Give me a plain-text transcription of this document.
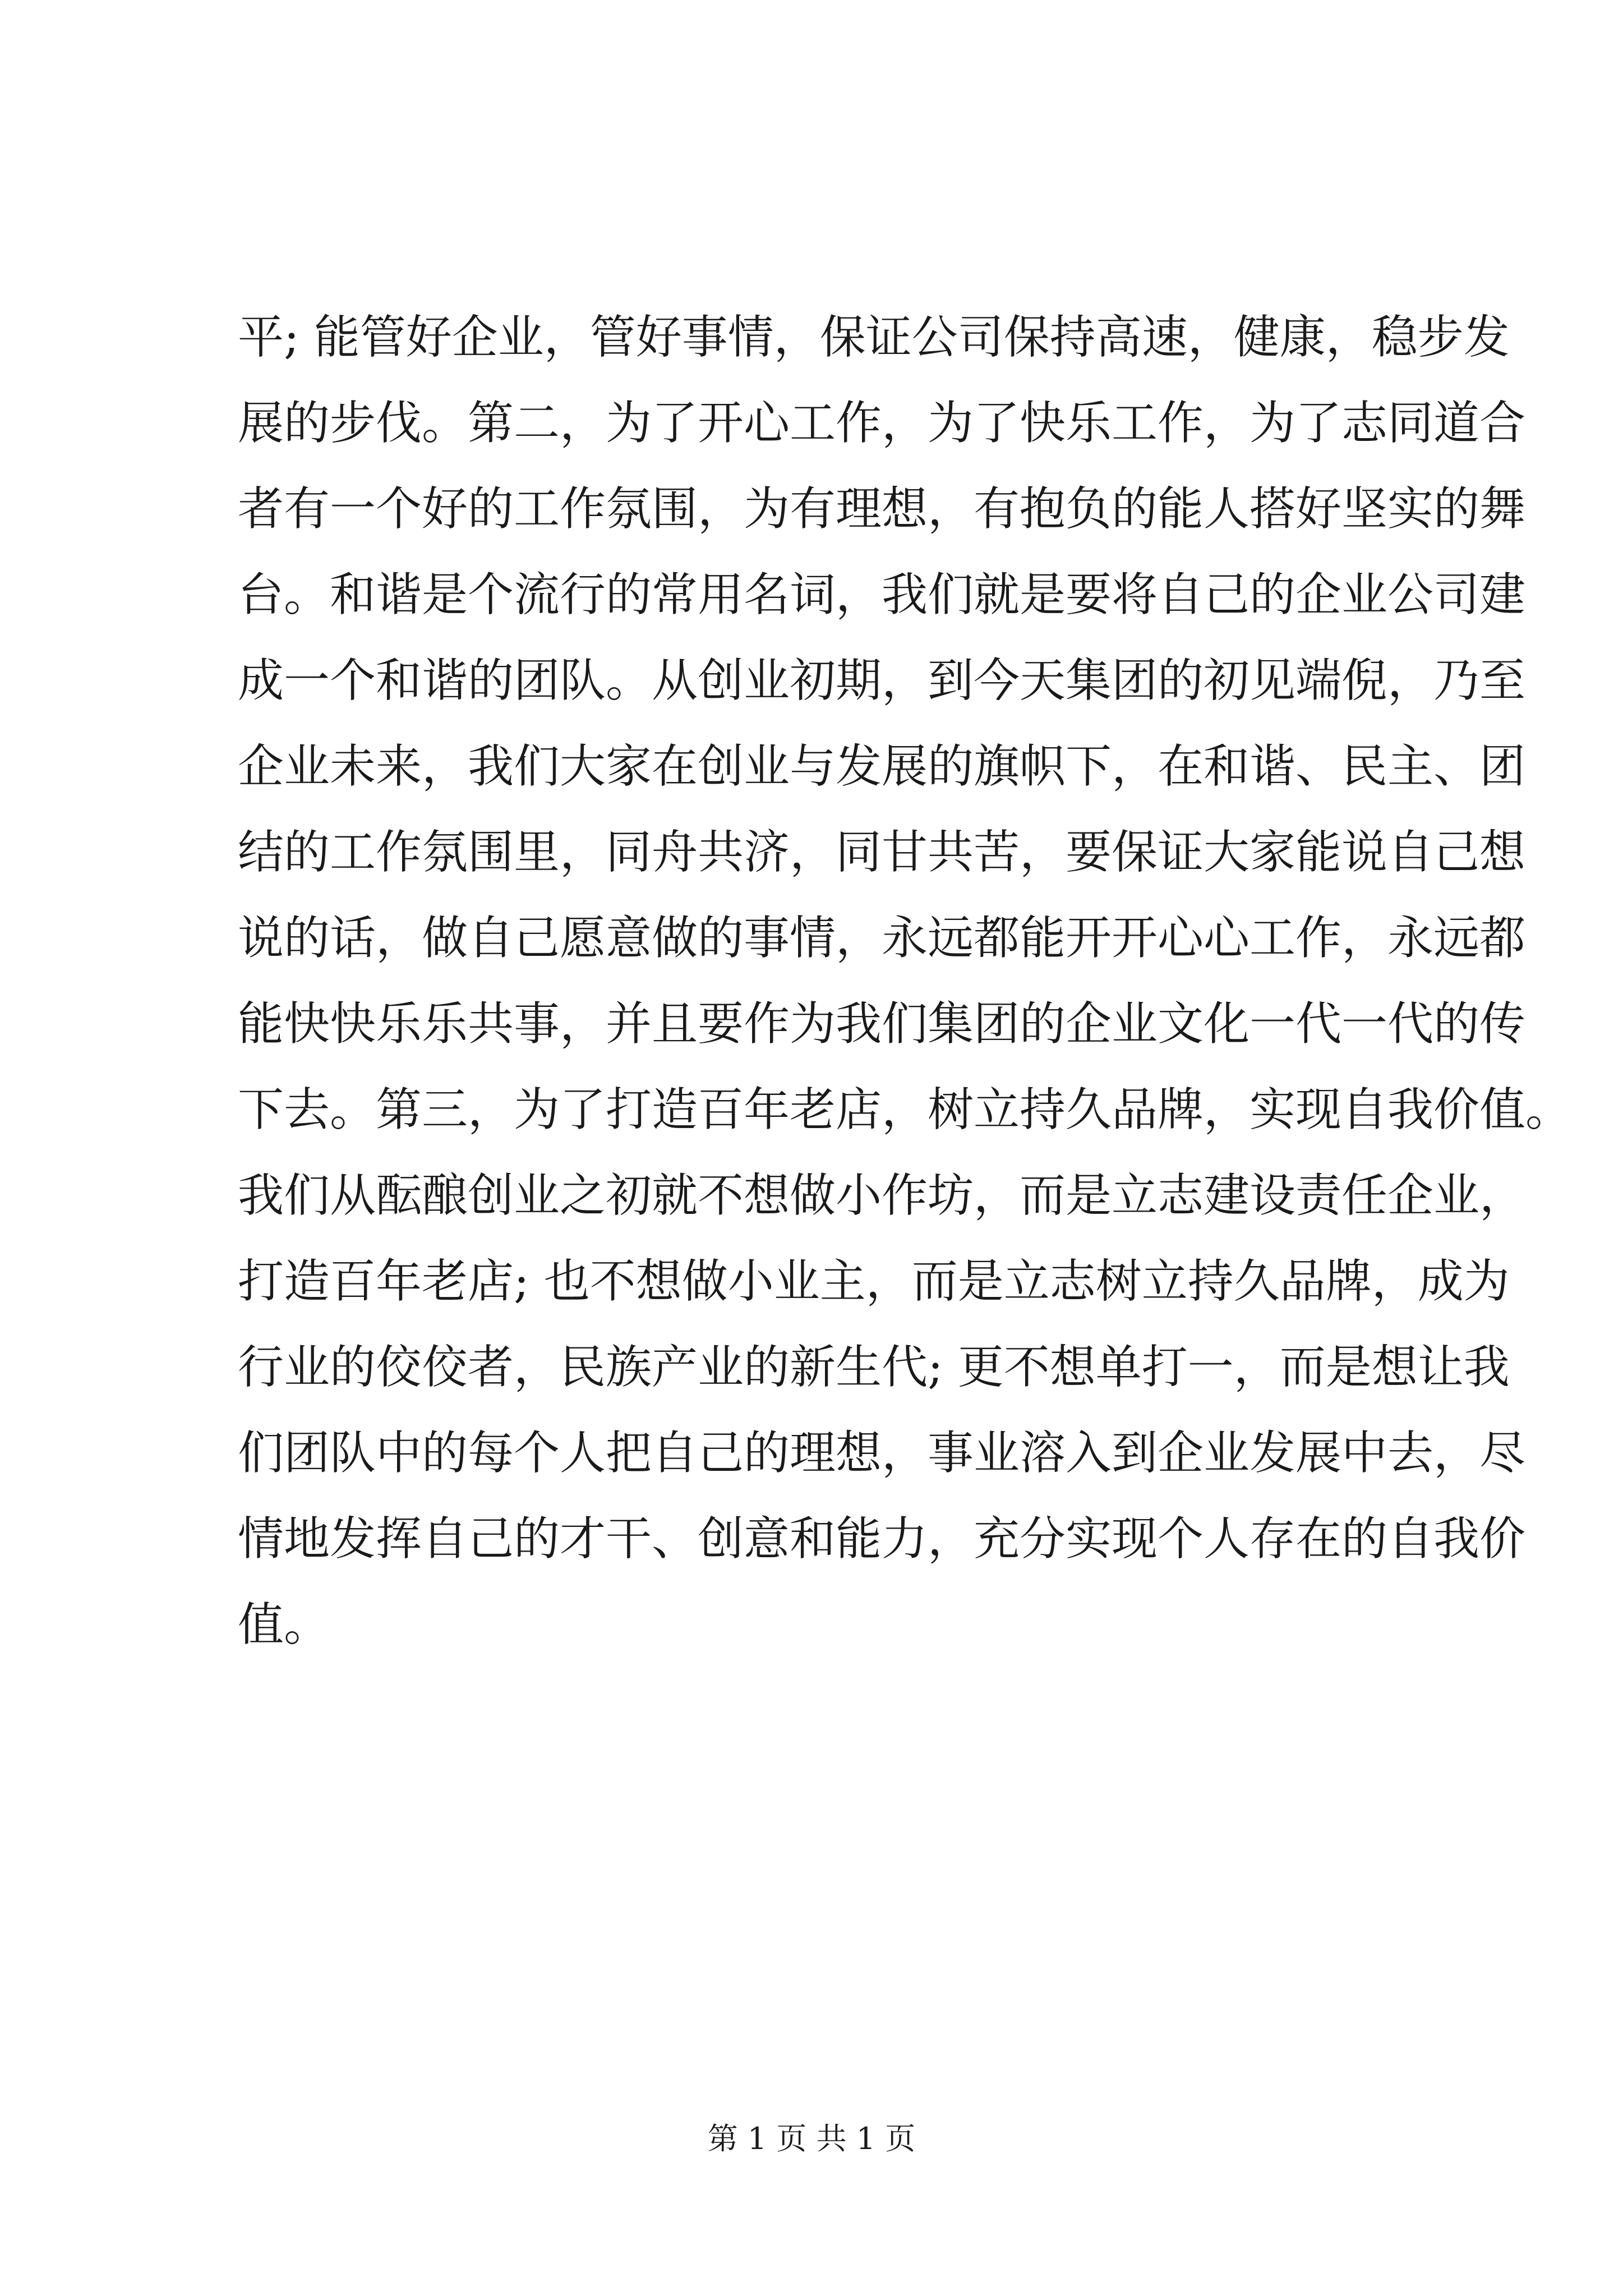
平; 能管好企业，管好事情，保证公司保持高速，健康，稳步发
展的步伐。第二，为了开心工作，为了快乐工作，为了志同道合
者有一个好的工作氛围，为有理想，有抱负的能人搭好坚实的舞
台。和谐是个流行的常用名词，我们就是要将自己的企业公司建
成一个和谐的团队。从创业初期，到今天集团的初见端倪，乃至
企业未来，我们大家在创业与发展的旗帜下，在和谐、民主、团
结的工作氛围里，同舟共济，同甘共苦，要保证大家能说自己想
说的话，做自己愿意做的事情，永远都能开开心心工作，永远都
能快快乐乐共事，并且要作为我们集团的企业文化一代一代的传
下去。第三，为了打造百年老店，树立持久品牌，实现自我价值。
我们从酝酿创业之初就不想做小作坊，而是立志建设责任企业，
打造百年老店; 也不想做小业主，而是立志树立持久品牌，成为
行业的佼佼者，民族产业的新生代; 更不想单打一，而是想让我
们团队中的每个人把自己的理想，事业溶入到企业发展中去，尽
情地发挥自己的才干、创意和能力，充分实现个人存在的自我价
值。
第 1 页 共 1 页
